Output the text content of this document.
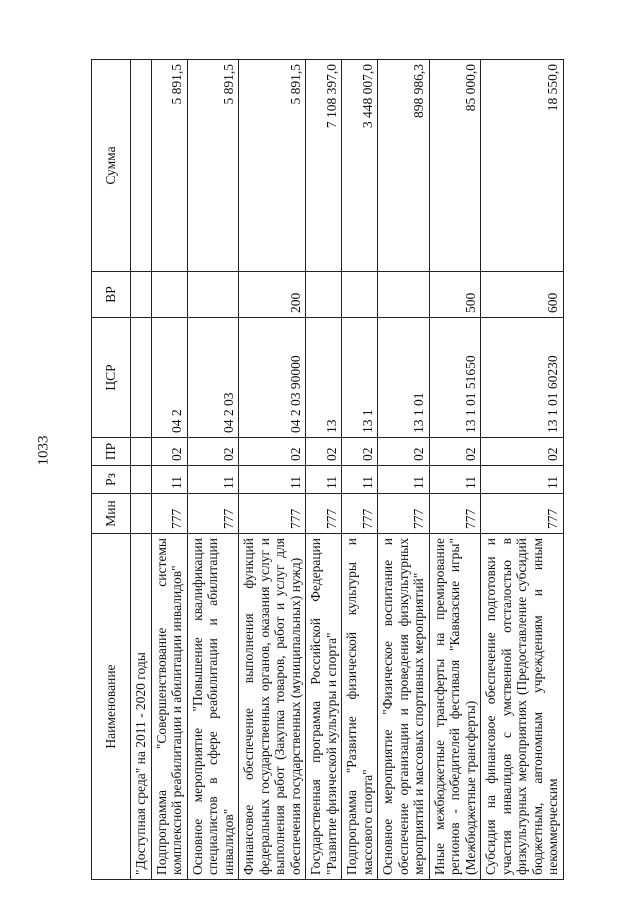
1033
Наименование	Мин	Рз	ПР	ЦСР	ВР	Сумма
"Доступная среда" на 2011 - 2020 годы						
Подпрограмма "Совершенствование системы комплексной реабилитации и абилитации инвалидов"	777	11	02	04 2		5 891,5
Основное мероприятие "Повышение квалификации специалистов в сфере реабилитации и абилитации инвалидов"	777	11	02	04 2 03		5 891,5
Финансовое обеспечение выполнения функций федеральных государственных органов, оказания услуг и выполнения работ (Закупка товаров, работ и услуг для обеспечения государственных (муниципальных) нужд)	777	11	02	04 2 03 90000	200	5 891,5
Государственная программа Российской Федерации "Развитие физической культуры и спорта"	777	11	02	13		7 108 397,0
Подпрограмма "Развитие физической культуры и массового спорта"	777	11	02	13 1		3 448 007,0
Основное мероприятие "Физическое воспитание и обеспечение организации и проведения физкультурных мероприятий и массовых спортивных мероприятий"	777	11	02	13 1 01		898 986,3
Иные межбюджетные трансферты на премирование регионов - победителей фестиваля "Кавказские игры" (Межбюджетные трансферты)	777	11	02	13 1 01 51650	500	85 000,0
Субсидия на финансовое обеспечение подготовки и участия инвалидов с умственной отсталостью в физкультурных мероприятиях (Предоставление субсидий бюджетным, автономным учреждениям и иным некоммерческим	777	11	02	13 1 01 60230	600	18 550,0
